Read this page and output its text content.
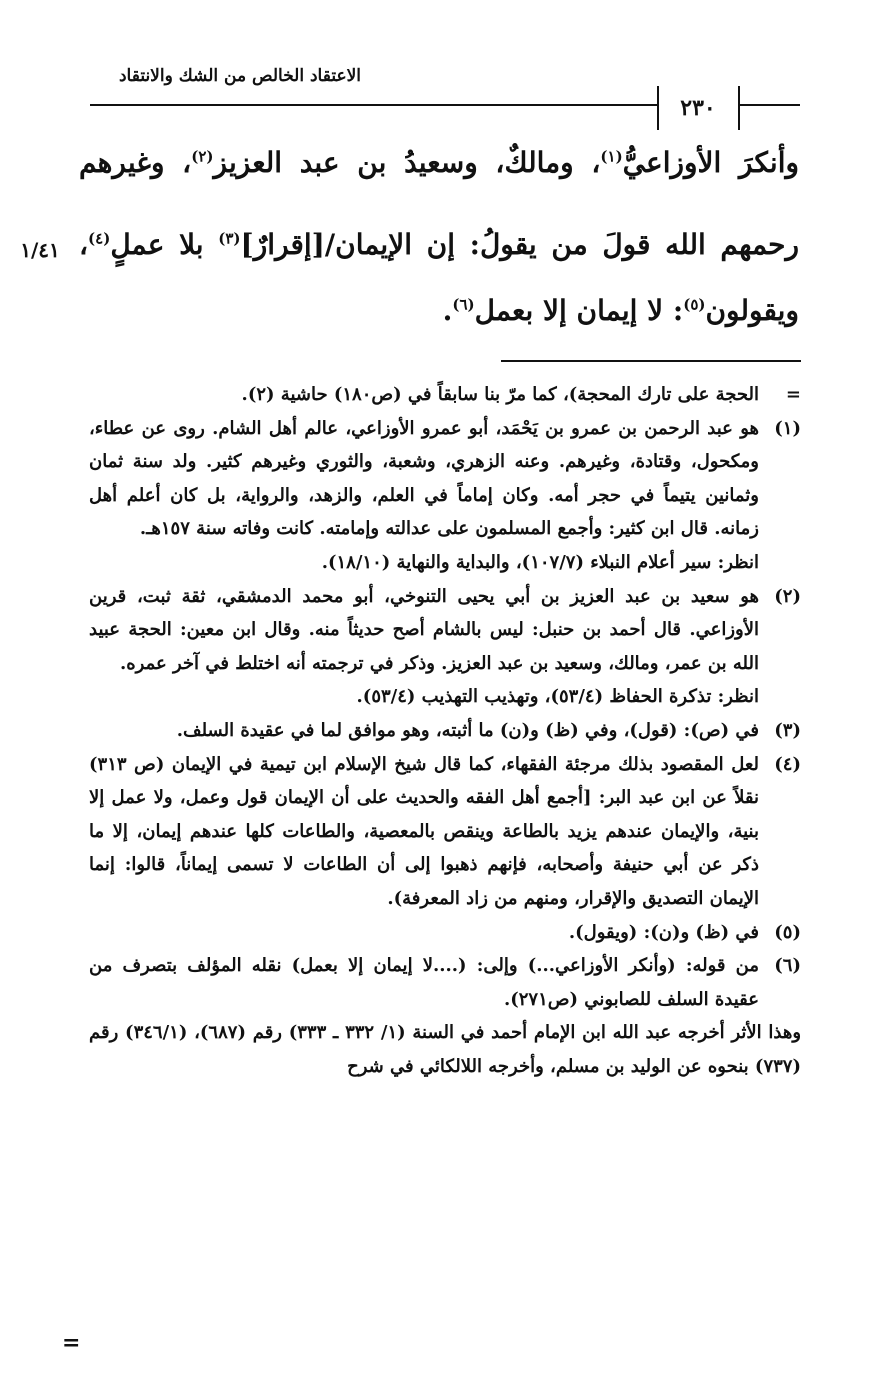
الاعتقاد الخالص من الشك والانتقاد
٢٣٠
١/٤١
وأنكرَ الأوزاعيُّ$^{(١)}$، ومالكٌ، وسعيدُ بن عبد العزيز$^{(٢)}$، وغيرهم
رحمهم الله قولَ من يقولُ: إن الإيمان/[إقرارٌ]$^{(٣)}$ بلا عملٍ$^{(٤)}$،
ويقولون$^{(٥)}$: لا إيمان إلا بعمل$^{(٦)}$.
=
الحجة على تارك المحجة)، كما مرّ بنا سابقاً في (ص١٨٠) حاشية (٢).
(١)
هو عبد الرحمن بن عمرو بن يَحْمَد، أبو عمرو الأوزاعي، عالم أهل الشام. روى عن عطاء، ومكحول، وقتادة، وغيرهم. وعنه الزهري، وشعبة، والثوري وغيرهم كثير. ولد سنة ثمان وثمانين يتيماً في حجر أمه. وكان إماماً في العلم، والزهد، والرواية، بل كان أعلم أهل زمانه. قال ابن كثير: وأجمع المسلمون على عدالته وإمامته. كانت وفاته سنة ١٥٧هـ.
انظر: سير أعلام النبلاء (١٠٧/٧)، والبداية والنهاية (١٨/١٠).
(٢)
هو سعيد بن عبد العزيز بن أبي يحيى التنوخي، أبو محمد الدمشقي، ثقة ثبت، قرين الأوزاعي. قال أحمد بن حنبل: ليس بالشام أصح حديثاً منه. وقال ابن معين: الحجة عبيد الله بن عمر، ومالك، وسعيد بن عبد العزيز. وذكر في ترجمته أنه اختلط في آخر عمره.
انظر: تذكرة الحفاظ (٥٣/٤)، وتهذيب التهذيب (٥٣/٤).
(٣)
في (ص): (قول)، وفي (ظ) و(ن) ما أثبته، وهو موافق لما في عقيدة السلف.
(٤)
لعل المقصود بذلك مرجئة الفقهاء، كما قال شيخ الإسلام ابن تيمية في الإيمان (ص ٣١٣) نقلاً عن ابن عبد البر: [أجمع أهل الفقه والحديث على أن الإيمان قول وعمل، ولا عمل إلا بنية، والإيمان عندهم يزيد بالطاعة وينقص بالمعصية، والطاعات كلها عندهم إيمان، إلا ما ذكر عن أبي حنيفة وأصحابه، فإنهم ذهبوا إلى أن الطاعات لا تسمى إيماناً، قالوا: إنما الإيمان التصديق والإقرار، ومنهم من زاد المعرفة).
(٥)
في (ظ) و(ن): (ويقول).
(٦)
من قوله: (وأنكر الأوزاعي...) وإلى: (....لا إيمان إلا بعمل) نقله المؤلف بتصرف من عقيدة السلف للصابوني (ص٢٧١).
وهذا الأثر أخرجه عبد الله ابن الإمام أحمد في السنة (١/ ٣٣٢ ـ ٣٣٣) رقم (٦٨٧)، (٣٤٦/١) رقم (٧٣٧) بنحوه عن الوليد بن مسلم، وأخرجه اللالكائي في شرح
=
